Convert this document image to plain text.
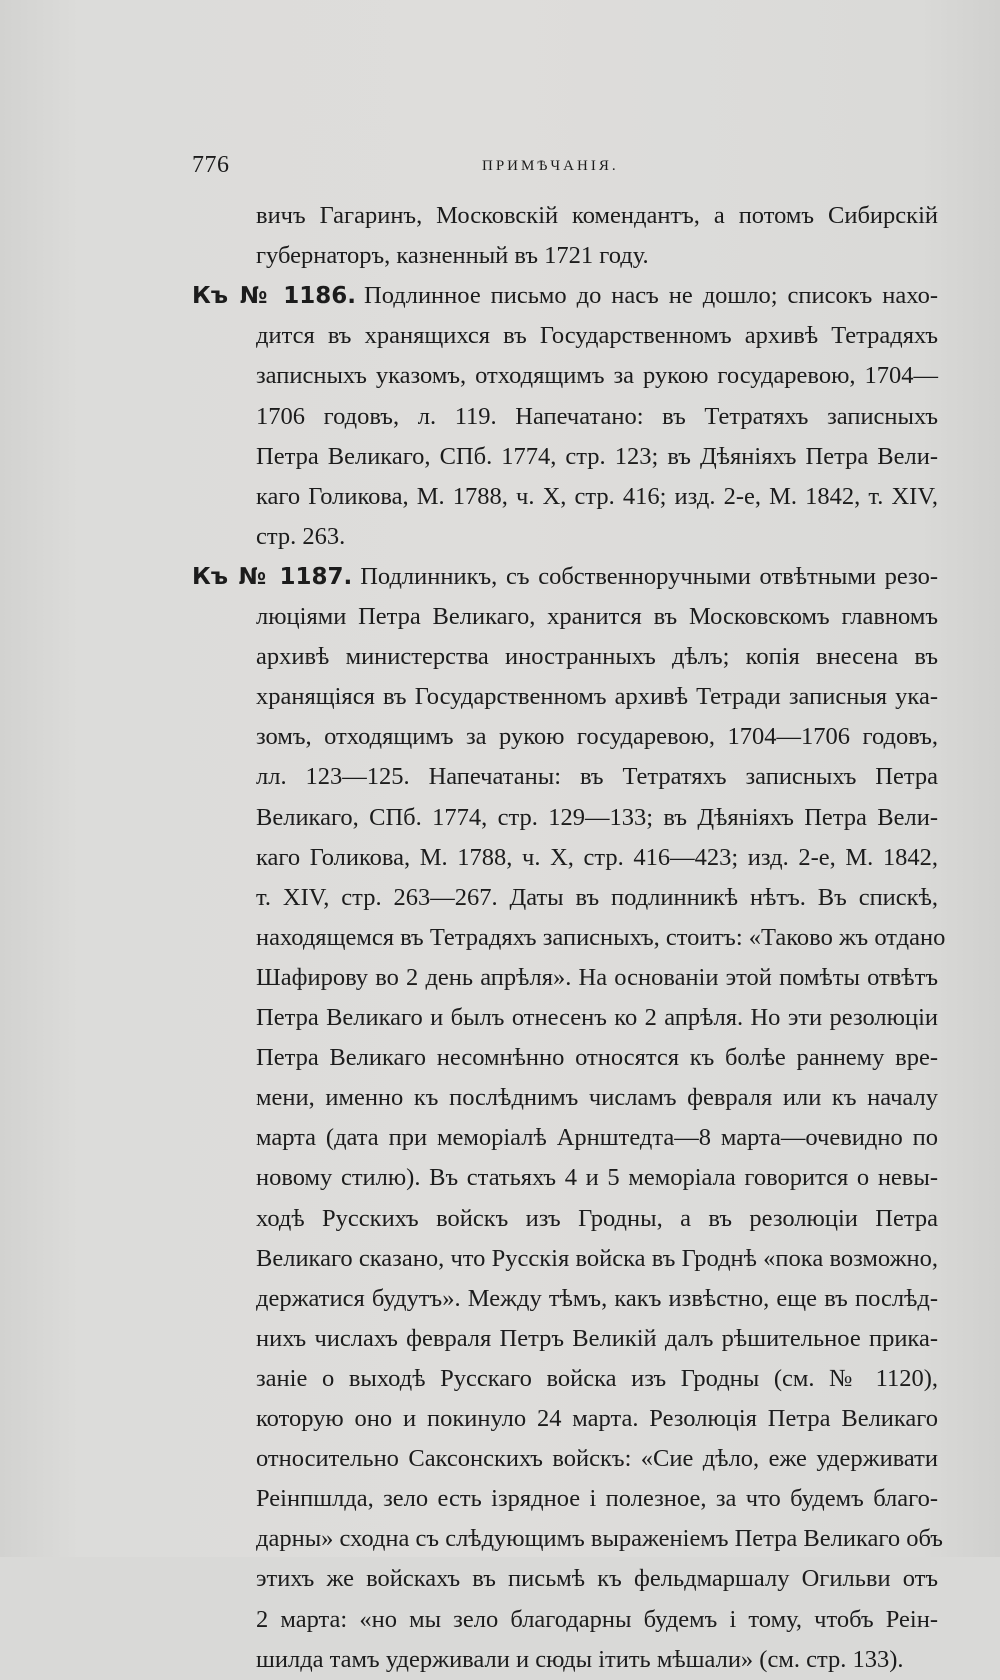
776	ПРИМѢЧАНІЯ.
вичъ Гагаринъ, Московскій комендантъ, а потомъ Сибирскій
губернаторъ, казненный въ 1721 году.
Къ № 1186. Подлинное письмо до насъ не дошло; списокъ нахо-
дится въ хранящихся въ Государственномъ архивѣ Тетрадяхъ
записныхъ указомъ, отходящимъ за рукою государевою, 1704—
1706 годовъ, л. 119. Напечатано: въ Тетратяхъ записныхъ
Петра Великаго, СПб. 1774, стр. 123; въ Дѣяніяхъ Петра Вели-
каго Голикова, М. 1788, ч. X, стр. 416; изд. 2-е, М. 1842, т. XIV,
стр. 263.
Къ № 1187. Подлинникъ, съ собственноручными отвѣтными резо-
люціями Петра Великаго, хранится въ Московскомъ главномъ
архивѣ министерства иностранныхъ дѣлъ; копія внесена въ
хранящіяся въ Государственномъ архивѣ Тетради записныя ука-
зомъ, отходящимъ за рукою государевою, 1704—1706 годовъ,
лл. 123—125. Напечатаны: въ Тетратяхъ записныхъ Петра
Великаго, СПб. 1774, стр. 129—133; въ Дѣяніяхъ Петра Вели-
каго Голикова, М. 1788, ч. X, стр. 416—423; изд. 2-е, М. 1842,
т. XIV, стр. 263—267. Даты въ подлинникѣ нѣтъ. Въ спискѣ,
находящемся въ Тетрадяхъ записныхъ, стоитъ: «Таково жъ отдано
Шафирову во 2 день апрѣля». На основаніи этой помѣты отвѣтъ
Петра Великаго и былъ отнесенъ ко 2 апрѣля. Но эти резолюціи
Петра Великаго несомнѣнно относятся къ болѣе раннему вре-
мени, именно къ послѣднимъ числамъ февраля или къ началу
марта (дата при меморіалѣ Арнштедта—8 марта—очевидно по
новому стилю). Въ статьяхъ 4 и 5 меморіала говорится о невы-
ходѣ Русскихъ войскъ изъ Гродны, а въ резолюціи Петра
Великаго сказано, что Русскія войска въ Гроднѣ «пока возможно,
держатися будутъ». Между тѣмъ, какъ извѣстно, еще въ послѣд-
нихъ числахъ февраля Петръ Великій далъ рѣшительное прика-
заніе о выходѣ Русскаго войска изъ Гродны (см. № 1120),
которую оно и покинуло 24 марта. Резолюція Петра Великаго
относительно Саксонскихъ войскъ: «Сие дѣло, еже удерживати
Реінпшлда, зело есть ізрядное і полезное, за что будемъ благо-
дарны» сходна съ слѣдующимъ выраженіемъ Петра Великаго объ
этихъ же войскахъ въ письмѣ къ фельдмаршалу Огильви отъ
2 марта: «но мы зело благодарны будемъ і тому, чтобъ Реін-
шилда тамъ удерживали и сюды ітить мѣшали» (см. стр. 133).
